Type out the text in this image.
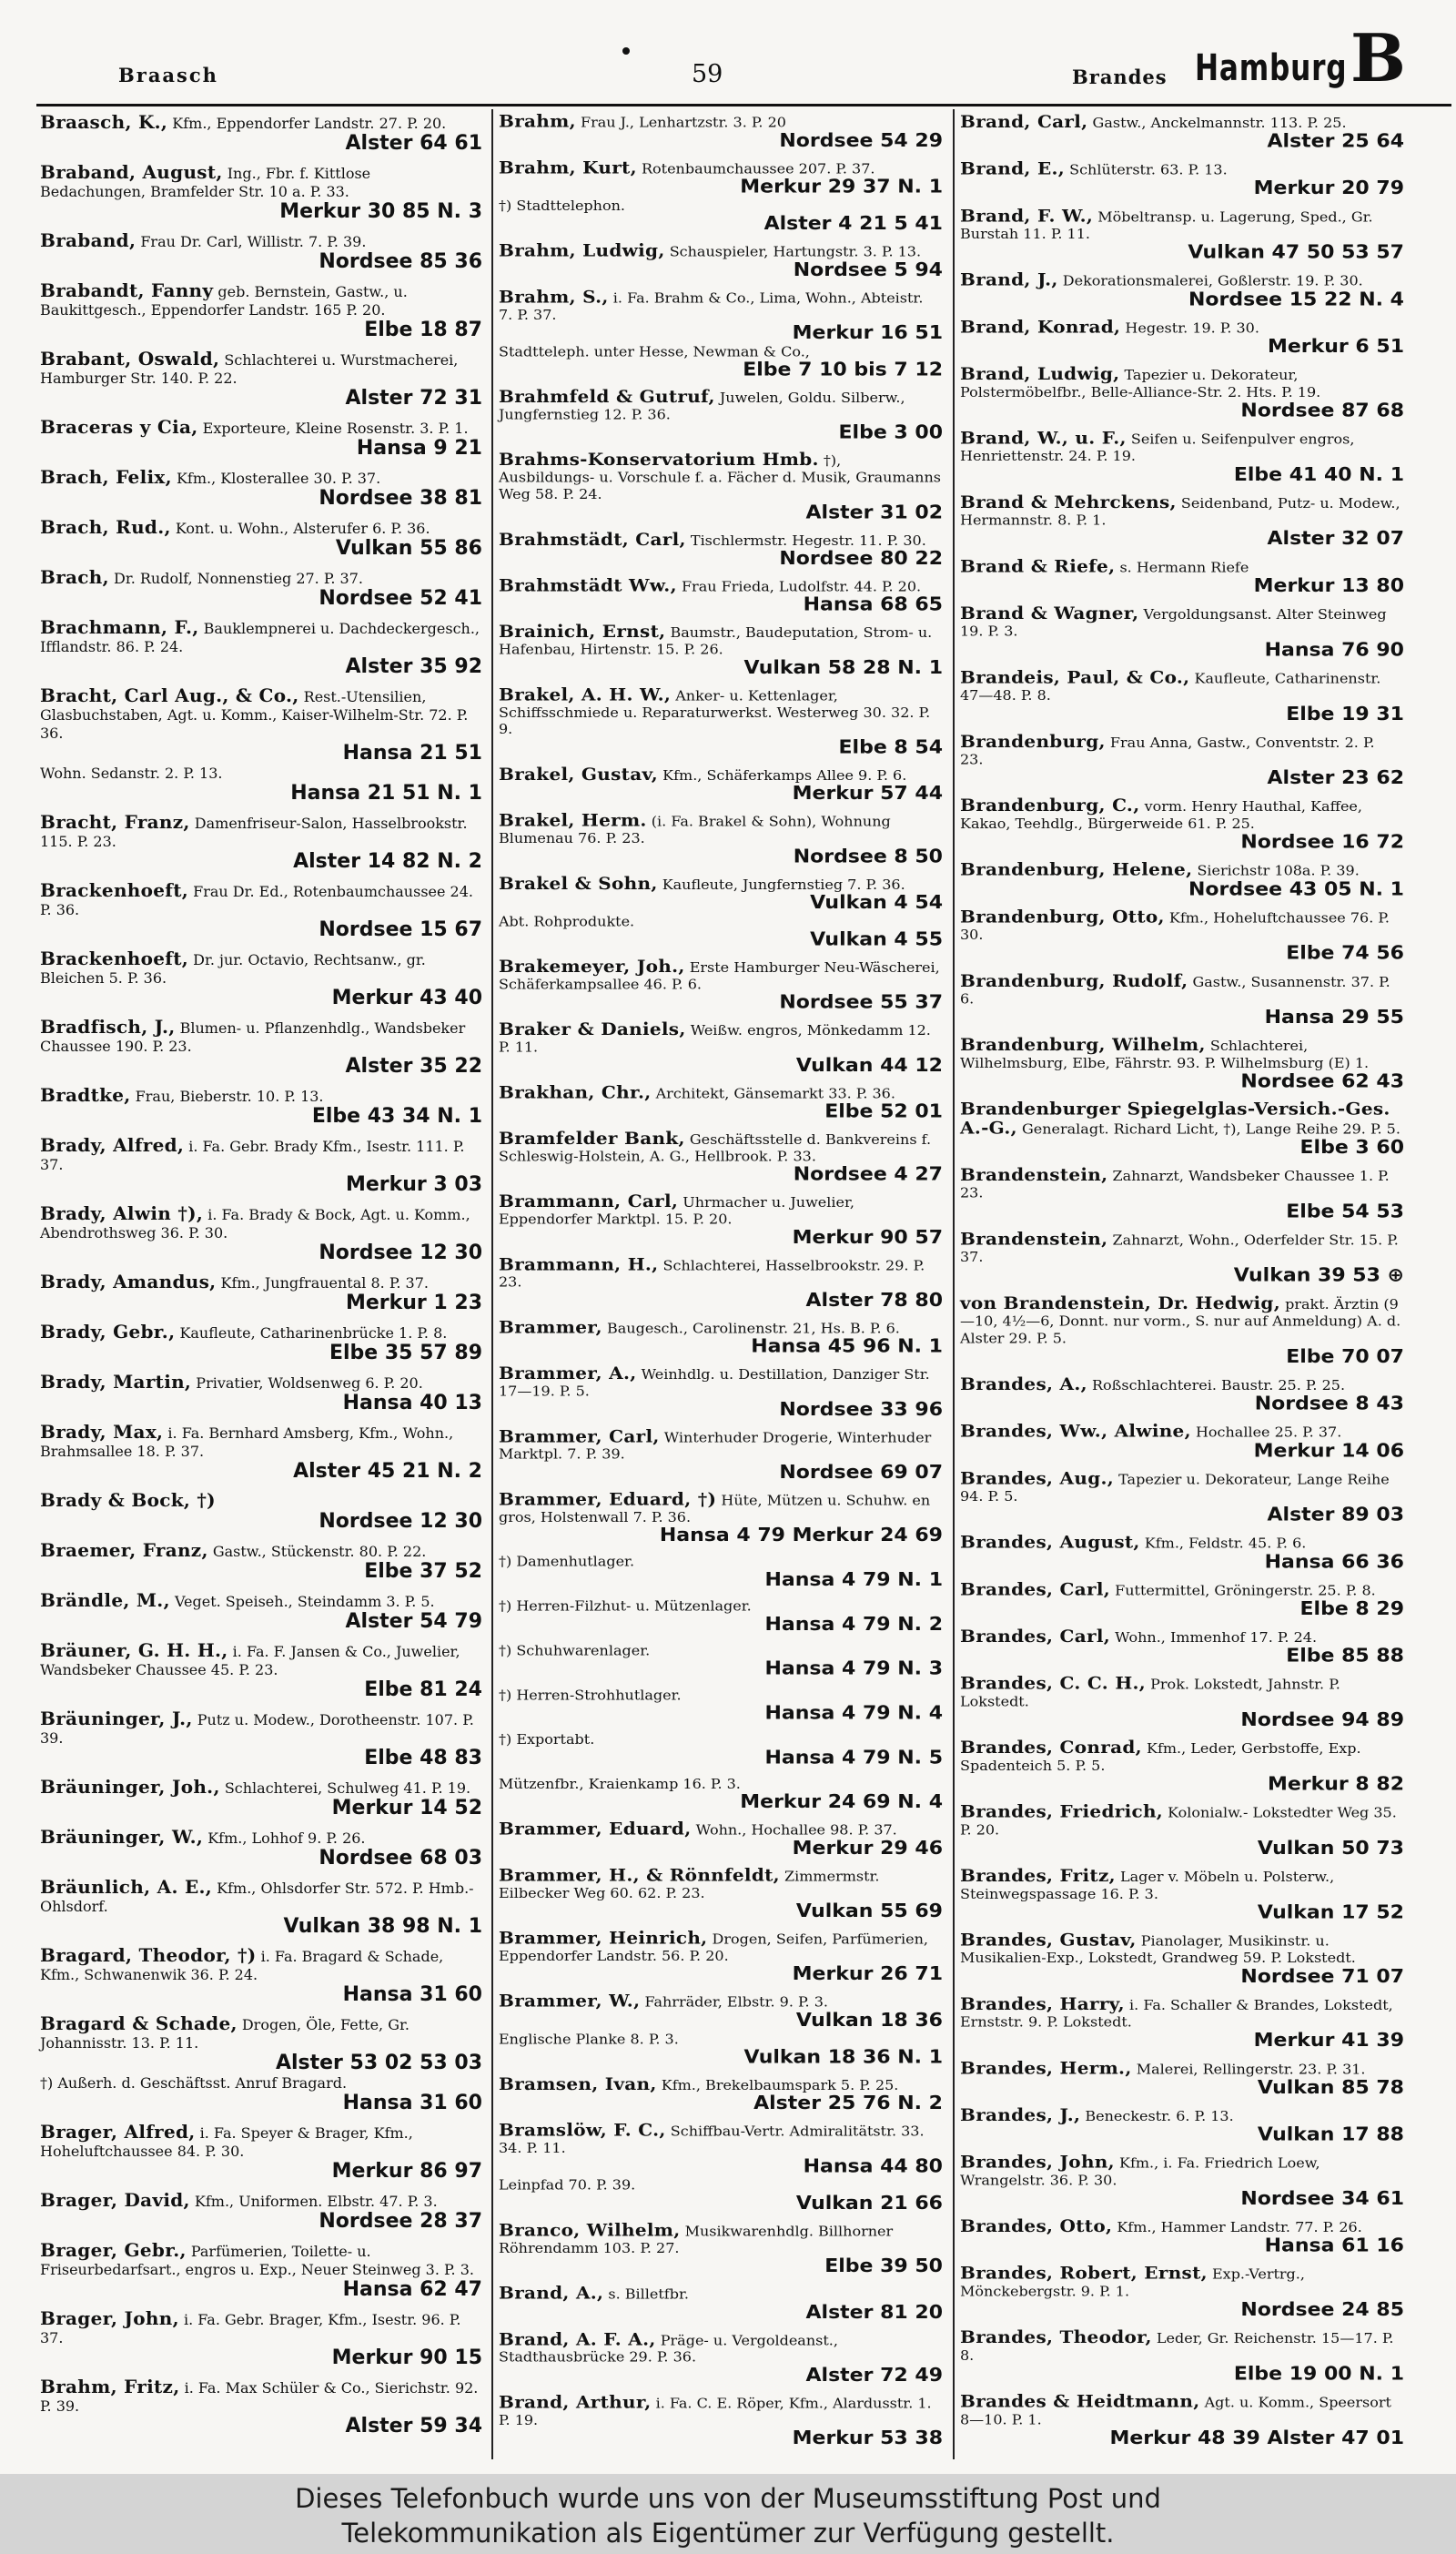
Braasch	59	Brandes Hamburg B
Braasch, K., Kfm., Eppendorfer Landstr. 27. P. 20.
Alster 64 61
Braband, August, Ing., Fbr. f. Kittlose Bedachungen, Bramfelder Str. 10 a. P. 33.
Merkur 30 85 N. 3
Braband, Frau Dr. Carl, Willistr. 7. P. 39.
Nordsee 85 36
Brabandt, Fanny geb. Bernstein, Gastw., u. Baukittgesch., Eppendorfer Landstr. 165 P. 20.
Elbe 18 87
Brabant, Oswald, Schlachterei u. Wurstmacherei, Hamburger Str. 140. P. 22.
Alster 72 31
Braceras y Cia, Exporteure, Kleine Rosenstr. 3. P. 1.
Hansa 9 21
Brach, Felix, Kfm., Klosterallee 30. P. 37.
Nordsee 38 81
Brach, Rud., Kont. u. Wohn., Alsterufer 6. P. 36.
Vulkan 55 86
Brach, Dr. Rudolf, Nonnenstieg 27. P. 37.
Nordsee 52 41
Brachmann, F., Bauklempnerei u. Dachdeckergesch., Ifflandstr. 86. P. 24.
Alster 35 92
Bracht, Carl Aug., & Co., Rest.-Utensilien, Glasbuchstaben, Agt. u. Komm., Kaiser-Wilhelm-Str. 72. P. 36.
Hansa 21 51
Wohn. Sedanstr. 2. P. 13.
Hansa 21 51 N. 1
Bracht, Franz, Damenfriseur-Salon, Hasselbrookstr. 115. P. 23.
Alster 14 82 N. 2
Brackenhoeft, Frau Dr. Ed., Rotenbaumchaussee 24. P. 36.
Nordsee 15 67
Brackenhoeft, Dr. jur. Octavio, Rechtsanw., gr. Bleichen 5. P. 36.
Merkur 43 40
Bradfisch, J., Blumen- u. Pflanzenhdlg., Wandsbeker Chaussee 190. P. 23.
Alster 35 22
Bradtke, Frau, Bieberstr. 10. P. 13.
Elbe 43 34 N. 1
Brady, Alfred, i. Fa. Gebr. Brady Kfm., Isestr. 111. P. 37.
Merkur 3 03
Brady, Alwin †), i. Fa. Brady & Bock, Agt. u. Komm., Abendrothsweg 36. P. 30.
Nordsee 12 30
Brady, Amandus, Kfm., Jungfrauental 8. P. 37.
Merkur 1 23
Brady, Gebr., Kaufleute, Catharinenbrücke 1. P. 8.
Elbe 35 57 89
Brady, Martin, Privatier, Woldsenweg 6. P. 20.
Hansa 40 13
Brady, Max, i. Fa. Bernhard Amsberg, Kfm., Wohn., Brahmsallee 18. P. 37.
Alster 45 21 N. 2
Brady & Bock, †)
Nordsee 12 30
Braemer, Franz, Gastw., Stückenstr. 80. P. 22.
Elbe 37 52
Brändle, M., Veget. Speiseh., Steindamm 3. P. 5.
Alster 54 79
Bräuner, G. H. H., i. Fa. F. Jansen & Co., Juwelier, Wandsbeker Chaussee 45. P. 23.
Elbe 81 24
Bräuninger, J., Putz u. Modew., Dorotheenstr. 107. P. 39.
Elbe 48 83
Bräuninger, Joh., Schlachterei, Schulweg 41. P. 19.
Merkur 14 52
Bräuninger, W., Kfm., Lohhof 9. P. 26.
Nordsee 68 03
Bräunlich, A. E., Kfm., Ohlsdorfer Str. 572. P. Hmb.-Ohlsdorf.
Vulkan 38 98 N. 1
Bragard, Theodor, †) i. Fa. Bragard & Schade, Kfm., Schwanenwik 36. P. 24.
Hansa 31 60
Bragard & Schade, Drogen, Öle, Fette, Gr. Johannisstr. 13. P. 11.
Alster 53 02 53 03
†) Außerh. d. Geschäftsst. Anruf Bragard.
Hansa 31 60
Brager, Alfred, i. Fa. Speyer & Brager, Kfm., Hoheluftchaussee 84. P. 30.
Merkur 86 97
Brager, David, Kfm., Uniformen. Elbstr. 47. P. 3.
Nordsee 28 37
Brager, Gebr., Parfümerien, Toilette- u. Friseurbedarfsart., engros u. Exp., Neuer Steinweg 3. P. 3.
Hansa 62 47
Brager, John, i. Fa. Gebr. Brager, Kfm., Isestr. 96. P. 37.
Merkur 90 15
Brahm, Fritz, i. Fa. Max Schüler & Co., Sierichstr. 92. P. 39.
Alster 59 34
Brahm, Frau J., Lenhartzstr. 3. P. 20
Nordsee 54 29
Brahm, Kurt, Rotenbaumchaussee 207. P. 37.
Merkur 29 37 N. 1
†) Stadttelephon.
Alster 4 21 5 41
Brahm, Ludwig, Schauspieler, Hartungstr. 3. P. 13.
Nordsee 5 94
Brahm, S., i. Fa. Brahm & Co., Lima, Wohn., Abteistr. 7. P. 37.
Merkur 16 51
Stadtteleph. unter Hesse, Newman & Co.,
Elbe 7 10 bis 7 12
Brahmfeld & Gutruf, Juwelen, Goldu. Silberw., Jungfernstieg 12. P. 36.
Elbe 3 00
Brahms-Konservatorium Hmb. †), Ausbildungs- u. Vorschule f. a. Fächer d. Musik, Graumanns Weg 58. P. 24.
Alster 31 02
Brahmstädt, Carl, Tischlermstr. Hegestr. 11. P. 30.
Nordsee 80 22
Brahmstädt Ww., Frau Frieda, Ludolfstr. 44. P. 20.
Hansa 68 65
Brainich, Ernst, Baumstr., Baudeputation, Strom- u. Hafenbau, Hirtenstr. 15. P. 26.
Vulkan 58 28 N. 1
Brakel, A. H. W., Anker- u. Kettenlager, Schiffsschmiede u. Reparaturwerkst. Westerweg 30. 32. P. 9.
Elbe 8 54
Brakel, Gustav, Kfm., Schäferkamps Allee 9. P. 6.
Merkur 57 44
Brakel, Herm. (i. Fa. Brakel & Sohn), Wohnung Blumenau 76. P. 23.
Nordsee 8 50
Brakel & Sohn, Kaufleute, Jungfernstieg 7. P. 36.
Vulkan 4 54
Abt. Rohprodukte.
Vulkan 4 55
Brakemeyer, Joh., Erste Hamburger Neu-Wäscherei, Schäferkampsallee 46. P. 6.
Nordsee 55 37
Braker & Daniels, Weißw. engros, Mönkedamm 12. P. 11.
Vulkan 44 12
Brakhan, Chr., Architekt, Gänsemarkt 33. P. 36.
Elbe 52 01
Bramfelder Bank, Geschäftsstelle d. Bankvereins f. Schleswig-Holstein, A. G., Hellbrook. P. 33.
Nordsee 4 27
Brammann, Carl, Uhrmacher u. Juwelier, Eppendorfer Marktpl. 15. P. 20.
Merkur 90 57
Brammann, H., Schlachterei, Hasselbrookstr. 29. P. 23.
Alster 78 80
Brammer, Baugesch., Carolinenstr. 21, Hs. B. P. 6.
Hansa 45 96 N. 1
Brammer, A., Weinhdlg. u. Destillation, Danziger Str. 17—19. P. 5.
Nordsee 33 96
Brammer, Carl, Winterhuder Drogerie, Winterhuder Marktpl. 7. P. 39.
Nordsee 69 07
Brammer, Eduard, †) Hüte, Mützen u. Schuhw. en gros, Holstenwall 7. P. 36.
Hansa 4 79 Merkur 24 69
†) Damenhutlager.
Hansa 4 79 N. 1
†) Herren-Filzhut- u. Mützenlager.
Hansa 4 79 N. 2
†) Schuhwarenlager.
Hansa 4 79 N. 3
†) Herren-Strohhutlager.
Hansa 4 79 N. 4
†) Exportabt.
Hansa 4 79 N. 5
Mützenfbr., Kraienkamp 16. P. 3.
Merkur 24 69 N. 4
Brammer, Eduard, Wohn., Hochallee 98. P. 37.
Merkur 29 46
Brammer, H., & Rönnfeldt, Zimmermstr. Eilbecker Weg 60. 62. P. 23.
Vulkan 55 69
Brammer, Heinrich, Drogen, Seifen, Parfümerien, Eppendorfer Landstr. 56. P. 20.
Merkur 26 71
Brammer, W., Fahrräder, Elbstr. 9. P. 3.
Vulkan 18 36
Englische Planke 8. P. 3.
Vulkan 18 36 N. 1
Bramsen, Ivan, Kfm., Brekelbaumspark 5. P. 25.
Alster 25 76 N. 2
Bramslöw, F. C., Schiffbau-Vertr. Admiralitätstr. 33. 34. P. 11.
Hansa 44 80
Leinpfad 70. P. 39.
Vulkan 21 66
Branco, Wilhelm, Musikwarenhdlg. Billhorner Röhrendamm 103. P. 27.
Elbe 39 50
Brand, A., s. Billetfbr.
Alster 81 20
Brand, A. F. A., Präge- u. Vergoldeanst., Stadthausbrücke 29. P. 36.
Alster 72 49
Brand, Arthur, i. Fa. C. E. Röper, Kfm., Alardusstr. 1. P. 19.
Merkur 53 38
Brand, Carl, Gastw., Anckelmannstr. 113. P. 25.
Alster 25 64
Brand, E., Schlüterstr. 63. P. 13.
Merkur 20 79
Brand, F. W., Möbeltransp. u. Lagerung, Sped., Gr. Burstah 11. P. 11.
Vulkan 47 50 53 57
Brand, J., Dekorationsmalerei, Goßlerstr. 19. P. 30.
Nordsee 15 22 N. 4
Brand, Konrad, Hegestr. 19. P. 30.
Merkur 6 51
Brand, Ludwig, Tapezier u. Dekorateur, Polstermöbelfbr., Belle-Alliance-Str. 2. Hts. P. 19.
Nordsee 87 68
Brand, W., u. F., Seifen u. Seifenpulver engros, Henriettenstr. 24. P. 19.
Elbe 41 40 N. 1
Brand & Mehrckens, Seidenband, Putz- u. Modew., Hermannstr. 8. P. 1.
Alster 32 07
Brand & Riefe, s. Hermann Riefe
Merkur 13 80
Brand & Wagner, Vergoldungsanst. Alter Steinweg 19. P. 3.
Hansa 76 90
Brandeis, Paul, & Co., Kaufleute, Catharinenstr. 47—48. P. 8.
Elbe 19 31
Brandenburg, Frau Anna, Gastw., Conventstr. 2. P. 23.
Alster 23 62
Brandenburg, C., vorm. Henry Hauthal, Kaffee, Kakao, Teehdlg., Bürgerweide 61. P. 25.
Nordsee 16 72
Brandenburg, Helene, Sierichstr 108a. P. 39.
Nordsee 43 05 N. 1
Brandenburg, Otto, Kfm., Hoheluftchaussee 76. P. 30.
Elbe 74 56
Brandenburg, Rudolf, Gastw., Susannenstr. 37. P. 6.
Hansa 29 55
Brandenburg, Wilhelm, Schlachterei, Wilhelmsburg, Elbe, Fährstr. 93. P. Wilhelmsburg (E) 1.
Nordsee 62 43
Brandenburger Spiegelglas-Versich.-Ges. A.-G., Generalagt. Richard Licht, †), Lange Reihe 29. P. 5.
Elbe 3 60
Brandenstein, Zahnarzt, Wandsbeker Chaussee 1. P. 23.
Elbe 54 53
Brandenstein, Zahnarzt, Wohn., Oderfelder Str. 15. P. 37.
Vulkan 39 53 ⊕
von Brandenstein, Dr. Hedwig, prakt. Ärztin (9—10, 4½—6, Donnt. nur vorm., S. nur auf Anmeldung) A. d. Alster 29. P. 5.
Elbe 70 07
Brandes, A., Roßschlachterei. Baustr. 25. P. 25.
Nordsee 8 43
Brandes, Ww., Alwine, Hochallee 25. P. 37.
Merkur 14 06
Brandes, Aug., Tapezier u. Dekorateur, Lange Reihe 94. P. 5.
Alster 89 03
Brandes, August, Kfm., Feldstr. 45. P. 6.
Hansa 66 36
Brandes, Carl, Futtermittel, Gröningerstr. 25. P. 8.
Elbe 8 29
Brandes, Carl, Wohn., Immenhof 17. P. 24.
Elbe 85 88
Brandes, C. C. H., Prok. Lokstedt, Jahnstr. P. Lokstedt.
Nordsee 94 89
Brandes, Conrad, Kfm., Leder, Gerbstoffe, Exp. Spadenteich 5. P. 5.
Merkur 8 82
Brandes, Friedrich, Kolonialw.- Lokstedter Weg 35. P. 20.
Vulkan 50 73
Brandes, Fritz, Lager v. Möbeln u. Polsterw., Steinwegspassage 16. P. 3.
Vulkan 17 52
Brandes, Gustav, Pianolager, Musikinstr. u. Musikalien-Exp., Lokstedt, Grandweg 59. P. Lokstedt.
Nordsee 71 07
Brandes, Harry, i. Fa. Schaller & Brandes, Lokstedt, Ernststr. 9. P. Lokstedt.
Merkur 41 39
Brandes, Herm., Malerei, Rellingerstr. 23. P. 31.
Vulkan 85 78
Brandes, J., Beneckestr. 6. P. 13.
Vulkan 17 88
Brandes, John, Kfm., i. Fa. Friedrich Loew, Wrangelstr. 36. P. 30.
Nordsee 34 61
Brandes, Otto, Kfm., Hammer Landstr. 77. P. 26.
Hansa 61 16
Brandes, Robert, Ernst, Exp.-Vertrg., Mönckebergstr. 9. P. 1.
Nordsee 24 85
Brandes, Theodor, Leder, Gr. Reichenstr. 15—17. P. 8.
Elbe 19 00 N. 1
Brandes & Heidtmann, Agt. u. Komm., Speersort 8—10. P. 1.
Merkur 48 39 Alster 47 01
Dieses Telefonbuch wurde uns von der Museumsstiftung Post und
Telekommunikation als Eigentümer zur Verfügung gestellt.
